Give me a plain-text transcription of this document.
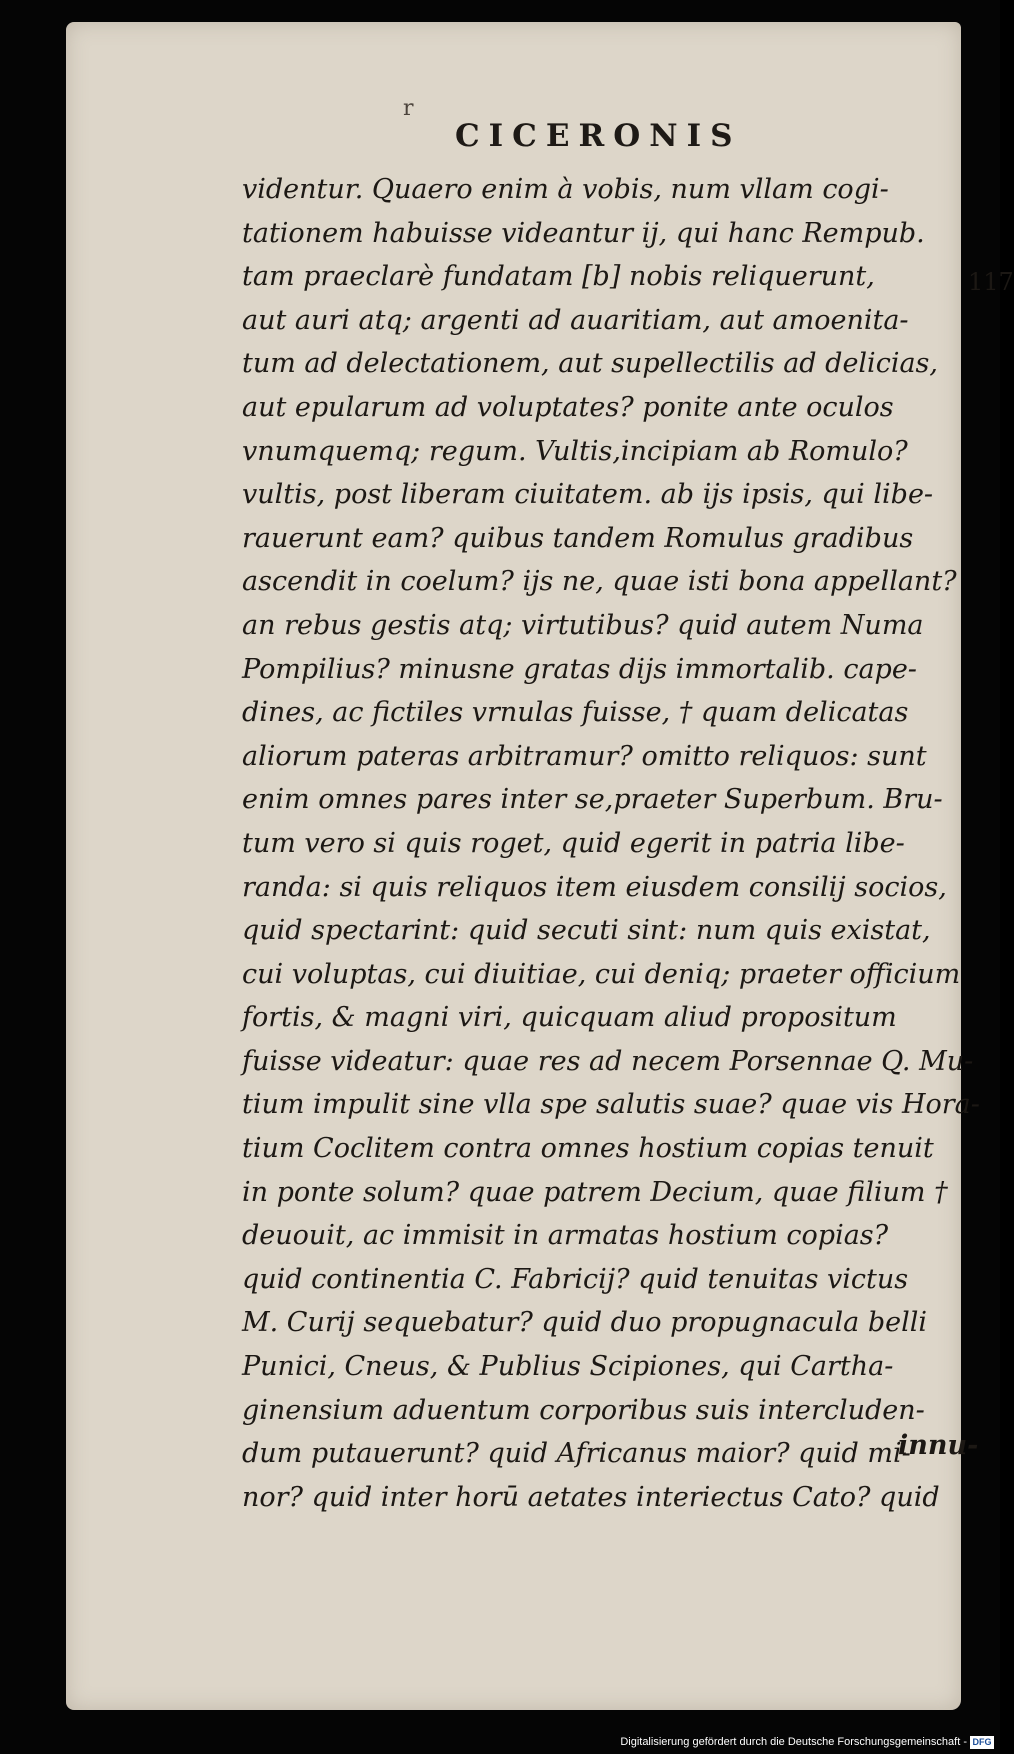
r
CICERONIS
videntur. Quaero enim à vobis, num vllam cogi-
tationem habuisse videantur ij, qui hanc Rempub.
tam praeclarè fundatam [b] nobis reliquerunt,
aut auri atq; argenti ad auaritiam, aut amoenita-
tum ad delectationem, aut supellectilis ad delicias,
aut epularum ad voluptates? ponite ante oculos
vnumquemq; regum. Vultis,incipiam ab Romulo?
vultis, post liberam ciuitatem. ab ijs ipsis, qui libe-
rauerunt eam? quibus tandem Romulus gradibus
ascendit in coelum? ijs ne, quae isti bona appellant?
an rebus gestis atq; virtutibus? quid autem Numa
Pompilius? minusne gratas dijs immortalib. cape-
dines, ac fictiles vrnulas fuisse, † quam delicatas
aliorum pateras arbitramur? omitto reliquos: sunt
enim omnes pares inter se,praeter Superbum. Bru-
tum vero si quis roget, quid egerit in patria libe-
randa: si quis reliquos item eiusdem consilij socios,
quid spectarint: quid secuti sint: num quis existat,
cui voluptas, cui diuitiae, cui deniq; praeter officium
fortis, & magni viri, quicquam aliud propositum
fuisse videatur: quae res ad necem Porsennae Q. Mu-
tium impulit sine vlla spe salutis suae? quae vis Hora-
tium Coclitem contra omnes hostium copias tenuit
in ponte solum? quae patrem Decium, quae filium †
deuouit, ac immisit in armatas hostium copias?
quid continentia C. Fabricij? quid tenuitas victus
M. Curij sequebatur? quid duo propugnacula belli
Punici, Cneus, & Publius Scipiones, qui Cartha-
ginensium aduentum corporibus suis intercluden-
dum putauerunt? quid Africanus maior? quid mi-
nor? quid inter horū aetates interiectus Cato? quid
117
innu-
Digitalisierung gefördert durch die Deutsche Forschungsgemeinschaft - DFG
